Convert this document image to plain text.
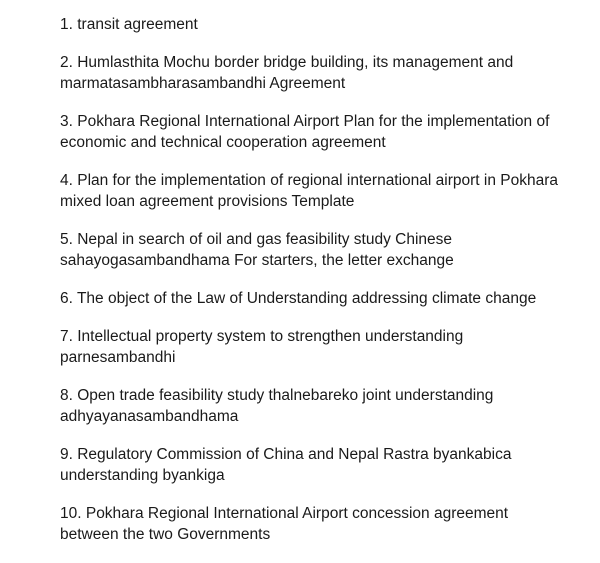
1. transit agreement
2. Humlasthita Mochu border bridge building, its management and
marmatasambharasambandhi Agreement
3. Pokhara Regional International Airport Plan for the implementation of
economic and technical cooperation agreement
4. Plan for the implementation of regional international airport in Pokhara
mixed loan agreement provisions Template
5. Nepal in search of oil and gas feasibility study Chinese
sahayogasambandhama For starters, the letter exchange
6. The object of the Law of Understanding addressing climate change
7. Intellectual property system to strengthen understanding
parnesambandhi
8. Open trade feasibility study thalnebareko joint understanding
adhyayanasambandhama
9. Regulatory Commission of China and Nepal Rastra byankabica
understanding byankiga
10. Pokhara Regional International Airport concession agreement
between the two Governments
